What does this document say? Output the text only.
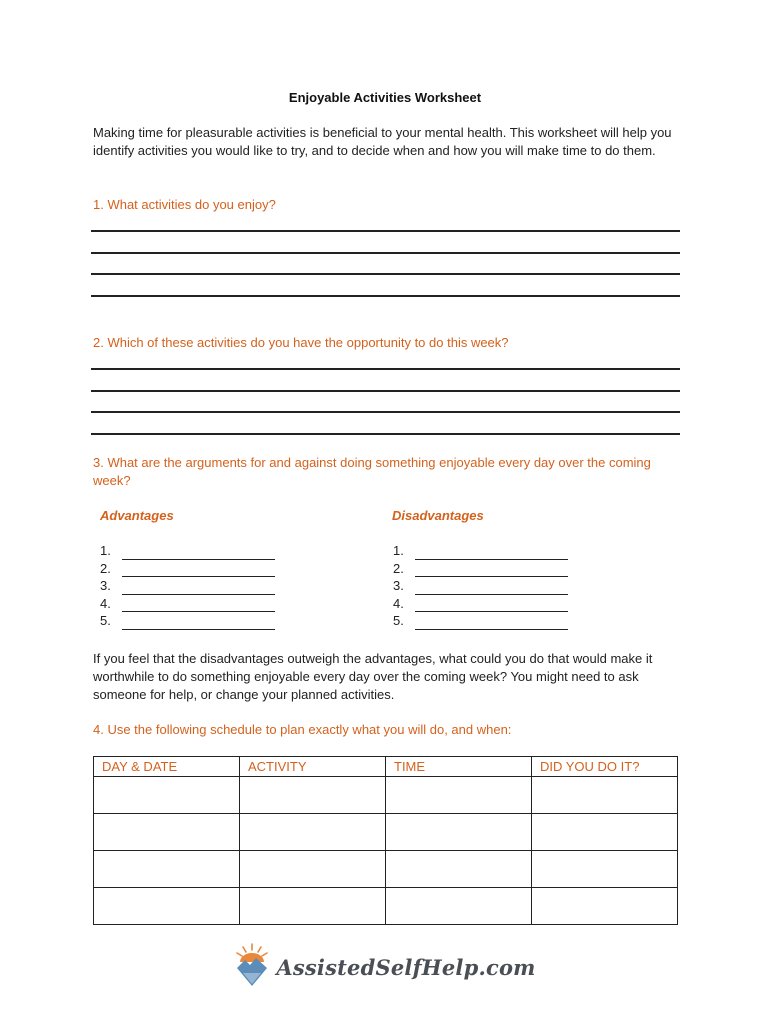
Enjoyable Activities Worksheet
Making time for pleasurable activities is beneficial to your mental health. This worksheet will help you identify activities you would like to try, and to decide when and how you will make time to do them.
1. What activities do you enjoy?
2. Which of these activities do you have the opportunity to do this week?
3. What are the arguments for and against doing something enjoyable every day over the coming week?
Advantages	Disadvantages
1.
2.
3.
4.
5.
1.
2.
3.
4.
5.
If you feel that the disadvantages outweigh the advantages, what could you do that would make it worthwhile to do something enjoyable every day over the coming week? You might need to ask someone for help, or change your planned activities.
4. Use the following schedule to plan exactly what you will do, and when:
DAY & DATE	ACTIVITY	TIME	DID YOU DO IT?

AssistedSelfHelp.com
